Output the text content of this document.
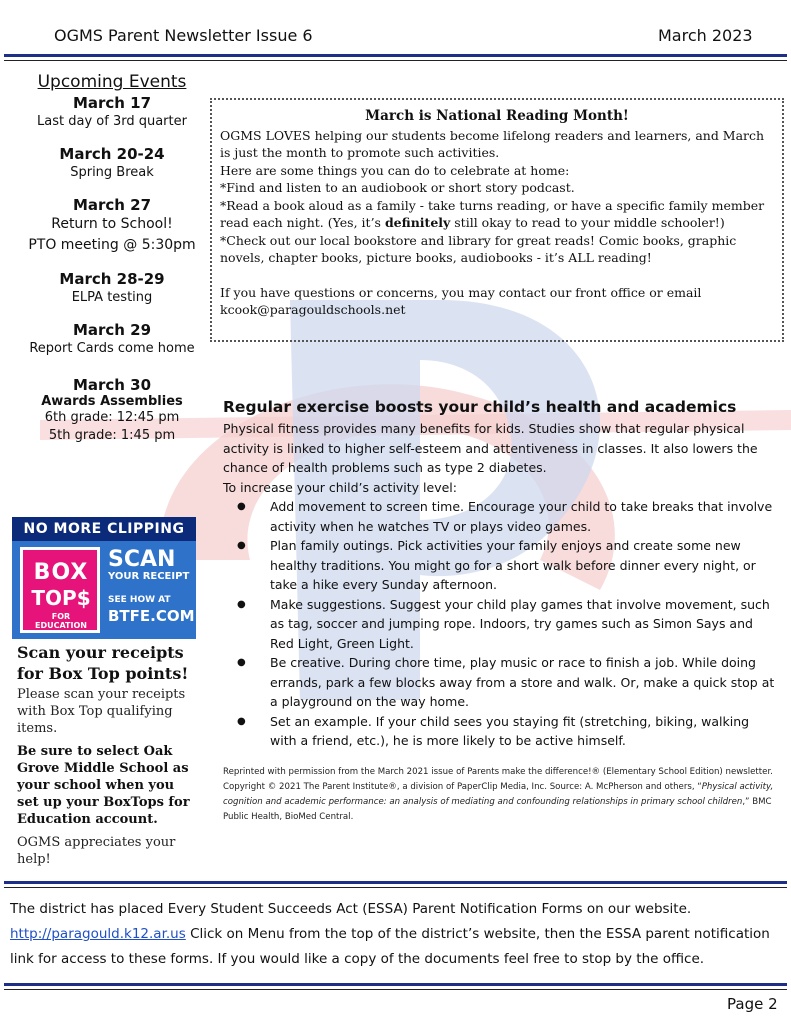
OGMS Parent Newsletter Issue 6	March 2023
Upcoming Events
March 17
Last day of 3rd quarter
March 20-24
Spring Break
March 27
Return to School!
PTO meeting @ 5:30pm
March 28-29
ELPA testing
March 29
Report Cards come home
March 30
Awards Assemblies
6th grade: 12:45 pm
5th grade: 1:45 pm
NO MORE CLIPPING
BOX
TOP$
FOR EDUCATION
SCAN
YOUR RECEIPT
SEE HOW AT
BTFE.COM
Scan your receipts for Box Top points!
Please scan your receipts with Box Top qualifying items.
Be sure to select Oak Grove Middle School as your school when you set up your BoxTops for Education account.
OGMS appreciates your help!
March is National Reading Month!
OGMS LOVES helping our students become lifelong readers and learners, and March is just the month to promote such activities.
Here are some things you can do to celebrate at home:
*Find and listen to an audiobook or short story podcast.
*Read a book aloud as a family - take turns reading, or have a specific family member read each night. (Yes, it’s definitely still okay to read to your middle schooler!)
*Check out our local bookstore and library for great reads! Comic books, graphic novels, chapter books, picture books, audiobooks - it’s ALL reading!
If you have questions or concerns, you may contact our front office or email kcook@paragouldschools.net
Regular exercise boosts your child’s health and academics
Physical fitness provides many benefits for kids. Studies show that regular physical activity is linked to higher self-esteem and attentiveness in classes. It also lowers the chance of health problems such as type 2 diabetes.
To increase your child’s activity level:
● Add movement to screen time. Encourage your child to take breaks that involve activity when he watches TV or plays video games.
● Plan family outings. Pick activities your family enjoys and create some new healthy traditions. You might go for a short walk before dinner every night, or take a hike every Sunday afternoon.
● Make suggestions. Suggest your child play games that involve movement, such as tag, soccer and jumping rope. Indoors, try games such as Simon Says and Red Light, Green Light.
● Be creative. During chore time, play music or race to finish a job. While doing errands, park a few blocks away from a store and walk. Or, make a quick stop at a playground on the way home.
● Set an example. If your child sees you staying fit (stretching, biking, walking with a friend, etc.), he is more likely to be active himself.
Reprinted with permission from the March 2021 issue of Parents make the difference!® (Elementary School Edition) newsletter. Copyright © 2021 The Parent Institute®, a division of PaperClip Media, Inc. Source: A. McPherson and others, “Physical activity, cognition and academic performance: an analysis of mediating and confounding relationships in primary school children,” BMC Public Health, BioMed Central.
The district has placed Every Student Succeeds Act (ESSA) Parent Notification Forms on our website.
http://paragould.k12.ar.us Click on Menu from the top of the district’s website, then the ESSA parent notification link for access to these forms. If you would like a copy of the documents feel free to stop by the office.
Page 2
